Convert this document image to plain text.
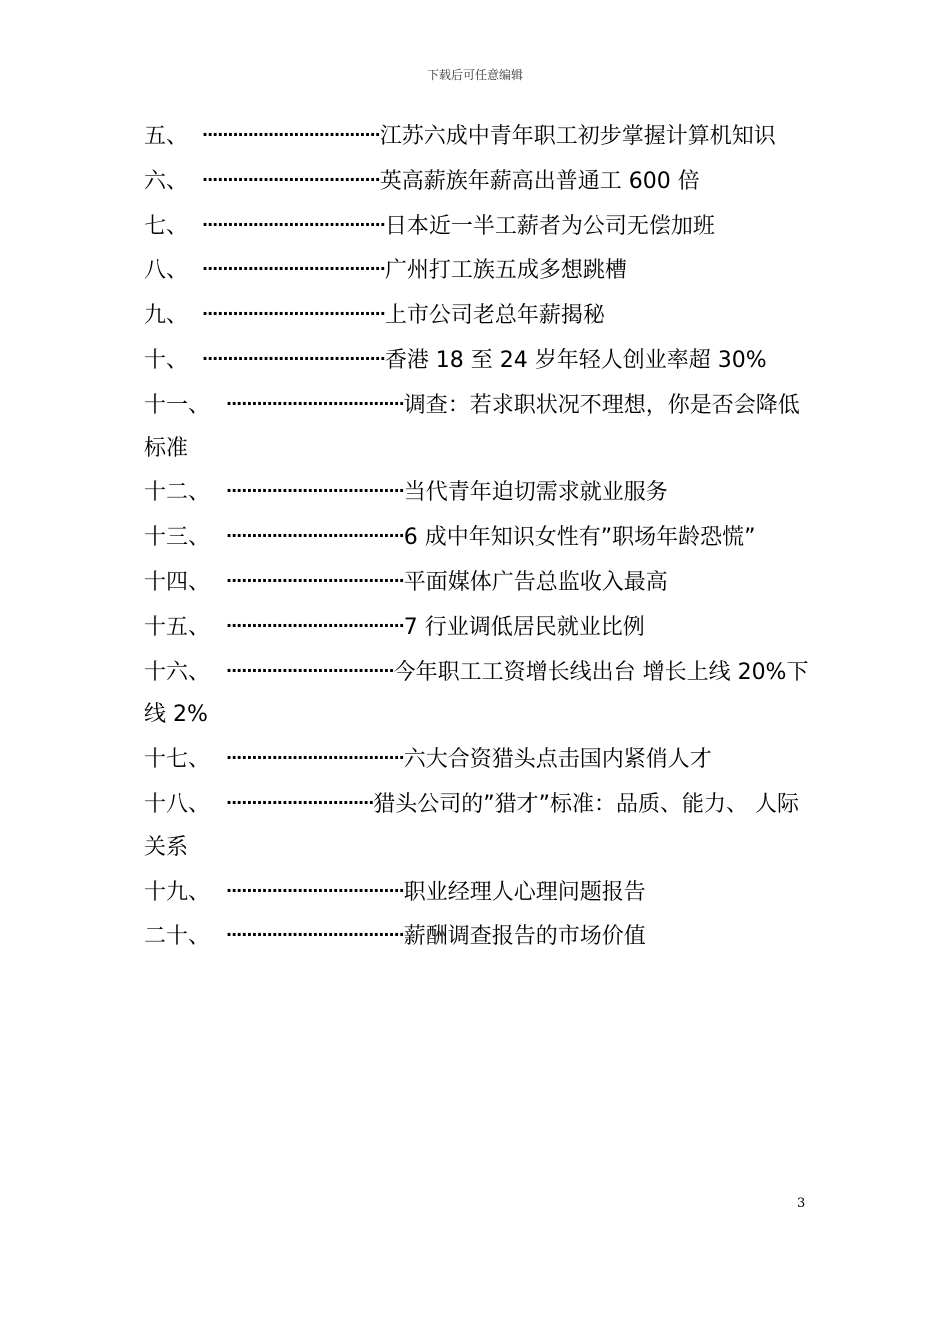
下载后可任意编辑
五、 ···································江苏六成中青年职工初步掌握计算机知识
六、 ···································英高薪族年薪高出普通工 600 倍
七、 ····································日本近一半工薪者为公司无偿加班
八、 ····································广州打工族五成多想跳槽
九、 ····································上市公司老总年薪揭秘
十、 ····································香港 18 至 24 岁年轻人创业率超 30%
十一、 ···································调查：若求职状况不理想，你是否会降低标准
十二、 ···································当代青年迫切需求就业服务
十三、 ···································6 成中年知识女性有”职场年龄恐慌”
十四、 ···································平面媒体广告总监收入最高
十五、 ···································7 行业调低居民就业比例
十六、 ·································今年职工工资增长线出台 增长上线 20%下线 2%
十七、 ···································六大合资猎头点击国内紧俏人才
十八、 ·····························猎头公司的”猎才”标准：品质、能力、 人际关系
十九、 ···································职业经理人心理问题报告
二十、 ···································薪酬调查报告的市场价值
3
